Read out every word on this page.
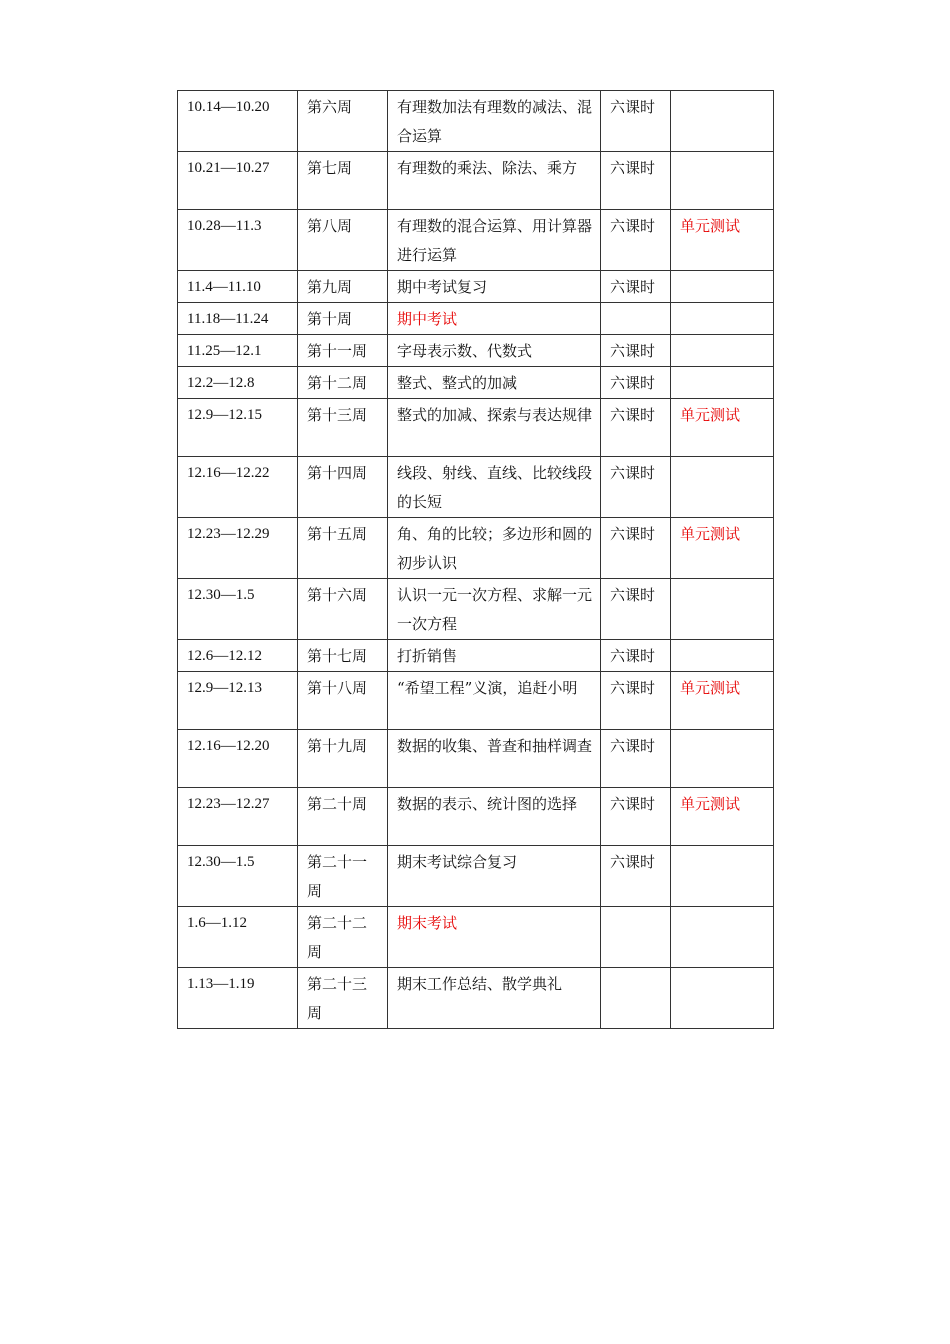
10.14—10.20	第六周	有理数加法有理数的减法、混合运算	六课时	
10.21—10.27	第七周	有理数的乘法、除法、乘方	六课时	
10.28—11.3	第八周	有理数的混合运算、用计算器进行运算	六课时	单元测试
11.4—11.10	第九周	期中考试复习	六课时	
11.18—11.24	第十周	期中考试		
11.25—12.1	第十一周	字母表示数、代数式	六课时	
12.2—12.8	第十二周	整式、整式的加减	六课时	
12.9—12.15	第十三周	整式的加减、探索与表达规律	六课时	单元测试
12.16—12.22	第十四周	线段、射线、直线、比较线段的长短	六课时	
12.23—12.29	第十五周	角、角的比较；多边形和圆的初步认识	六课时	单元测试
12.30—1.5	第十六周	认识一元一次方程、求解一元一次方程	六课时	
12.6—12.12	第十七周	打折销售	六课时	
12.9—12.13	第十八周	“希望工程”义演，追赶小明	六课时	单元测试
12.16—12.20	第十九周	数据的收集、普查和抽样调查	六课时	
12.23—12.27	第二十周	数据的表示、统计图的选择	六课时	单元测试
12.30—1.5	第二十一周	期末考试综合复习	六课时	
1.6—1.12	第二十二周	期末考试		
1.13—1.19	第二十三周	期末工作总结、散学典礼		
